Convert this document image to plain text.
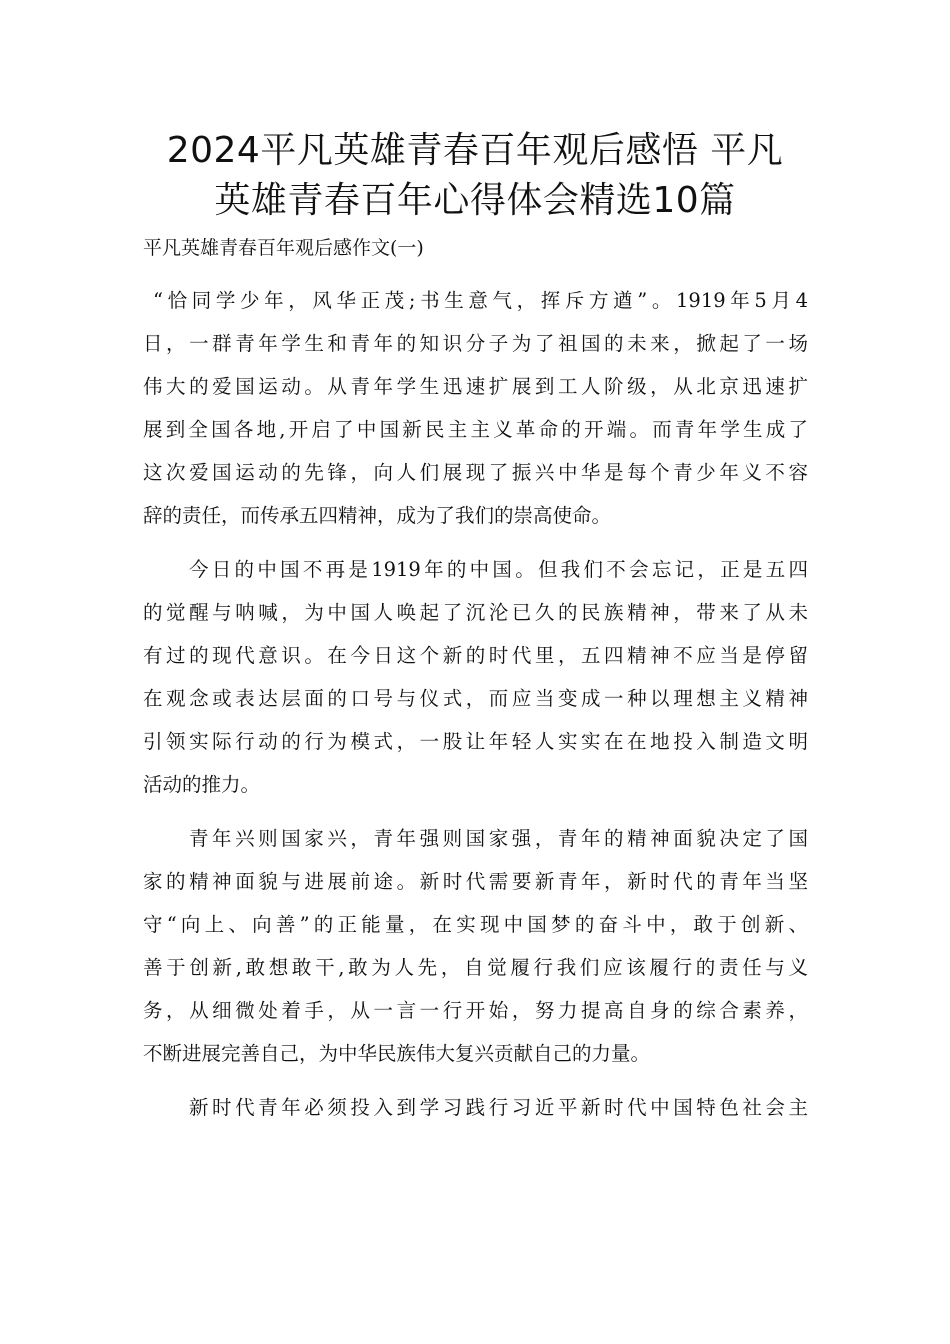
2024平凡英雄青春百年观后感悟 平凡
英雄青春百年心得体会精选10篇

平凡英雄青春百年观后感作文(一)

“恰同学少年，风华正茂;书生意气，挥斥方遒”。1919年5月4
日，一群青年学生和青年的知识分子为了祖国的未来，掀起了一场
伟大的爱国运动。从青年学生迅速扩展到工人阶级，从北京迅速扩
展到全国各地,开启了中国新民主主义革命的开端。而青年学生成了
这次爱国运动的先锋，向人们展现了振兴中华是每个青少年义不容
辞的责任，而传承五四精神，成为了我们的崇高使命。

今日的中国不再是1919年的中国。但我们不会忘记，正是五四
的觉醒与呐喊，为中国人唤起了沉沦已久的民族精神，带来了从未
有过的现代意识。在今日这个新的时代里，五四精神不应当是停留
在观念或表达层面的口号与仪式，而应当变成一种以理想主义精神
引领实际行动的行为模式，一股让年轻人实实在在地投入制造文明
活动的推力。

青年兴则国家兴，青年强则国家强，青年的精神面貌决定了国
家的精神面貌与进展前途。新时代需要新青年，新时代的青年当坚
守“向上、向善”的正能量，在实现中国梦的奋斗中，敢于创新、
善于创新,敢想敢干,敢为人先，自觉履行我们应该履行的责任与义
务，从细微处着手，从一言一行开始，努力提高自身的综合素养，
不断进展完善自己，为中华民族伟大复兴贡献自己的力量。

新时代青年必须投入到学习践行习近平新时代中国特色社会主
